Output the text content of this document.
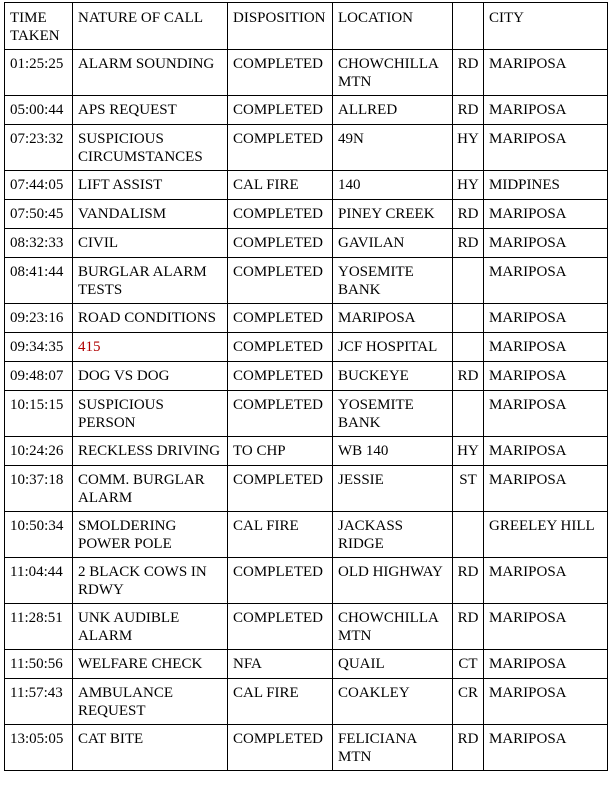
TIME TAKEN	NATURE OF CALL	DISPOSITION	LOCATION		CITY
01:25:25	ALARM SOUNDING	COMPLETED	CHOWCHILLA MTN	RD	MARIPOSA
05:00:44	APS REQUEST	COMPLETED	ALLRED	RD	MARIPOSA
07:23:32	SUSPICIOUS CIRCUMSTANCES	COMPLETED	49N	HY	MARIPOSA
07:44:05	LIFT ASSIST	CAL FIRE	140	HY	MIDPINES
07:50:45	VANDALISM	COMPLETED	PINEY CREEK	RD	MARIPOSA
08:32:33	CIVIL	COMPLETED	GAVILAN	RD	MARIPOSA
08:41:44	BURGLAR ALARM TESTS	COMPLETED	YOSEMITE BANK		MARIPOSA
09:23:16	ROAD CONDITIONS	COMPLETED	MARIPOSA		MARIPOSA
09:34:35	415	COMPLETED	JCF HOSPITAL		MARIPOSA
09:48:07	DOG VS DOG	COMPLETED	BUCKEYE	RD	MARIPOSA
10:15:15	SUSPICIOUS PERSON	COMPLETED	YOSEMITE BANK		MARIPOSA
10:24:26	RECKLESS DRIVING	TO CHP	WB 140	HY	MARIPOSA
10:37:18	COMM. BURGLAR ALARM	COMPLETED	JESSIE	ST	MARIPOSA
10:50:34	SMOLDERING POWER POLE	CAL FIRE	JACKASS RIDGE		GREELEY HILL
11:04:44	2 BLACK COWS IN RDWY	COMPLETED	OLD HIGHWAY	RD	MARIPOSA
11:28:51	UNK AUDIBLE ALARM	COMPLETED	CHOWCHILLA MTN	RD	MARIPOSA
11:50:56	WELFARE CHECK	NFA	QUAIL	CT	MARIPOSA
11:57:43	AMBULANCE REQUEST	CAL FIRE	COAKLEY	CR	MARIPOSA
13:05:05	CAT BITE	COMPLETED	FELICIANA MTN	RD	MARIPOSA
